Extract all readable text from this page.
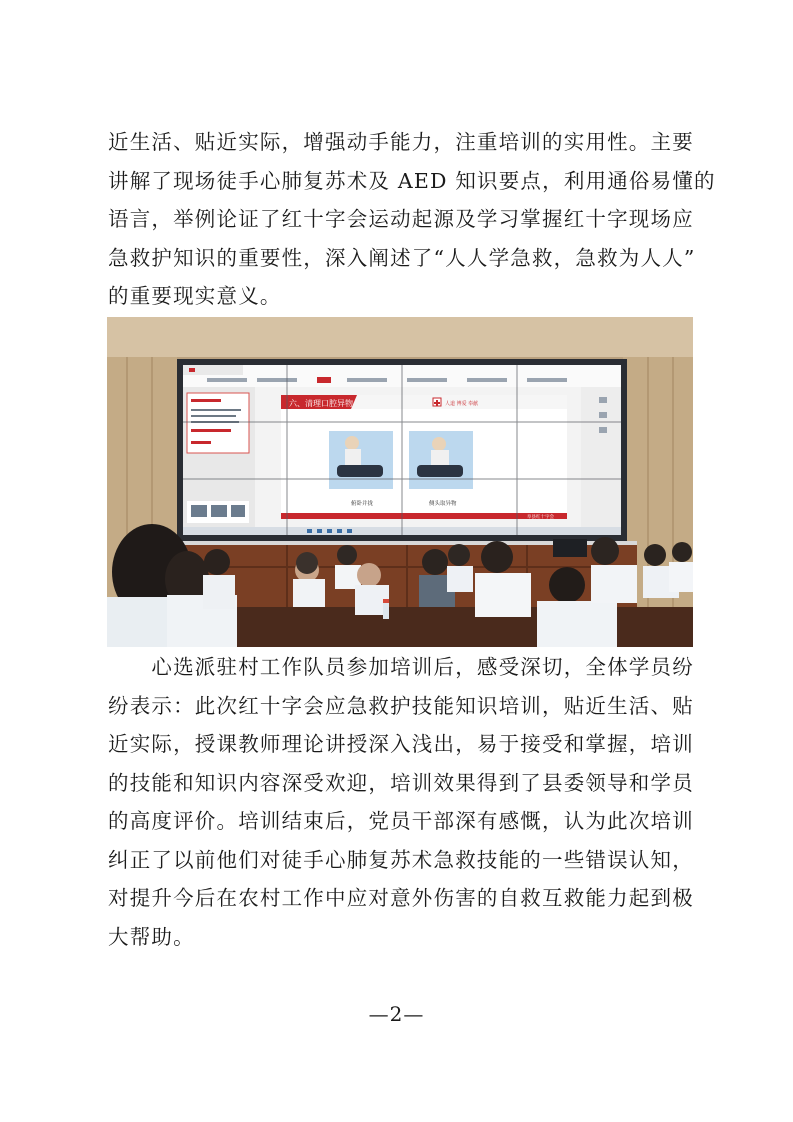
近生活、贴近实际，增强动手能力，注重培训的实用性。主要
讲解了现场徒手心肺复苏术及 AED 知识要点，利用通俗易懂的
语言，举例论证了红十字会运动起源及学习掌握红十字现场应
急救护知识的重要性，深入阐述了“人人学急救，急救为人人”
的重要现实意义。
六、清理口腔异物	人道 博爱 奉献
俯卧并拢	侧头取异物
阜县红十字会
　　心选派驻村工作队员参加培训后，感受深切，全体学员纷
纷表示：此次红十字会应急救护技能知识培训，贴近生活、贴
近实际，授课教师理论讲授深入浅出，易于接受和掌握，培训
的技能和知识内容深受欢迎，培训效果得到了县委领导和学员
的高度评价。培训结束后，党员干部深有感慨，认为此次培训
纠正了以前他们对徒手心肺复苏术急救技能的一些错误认知，
对提升今后在农村工作中应对意外伤害的自救互救能力起到极
大帮助。
—2—
